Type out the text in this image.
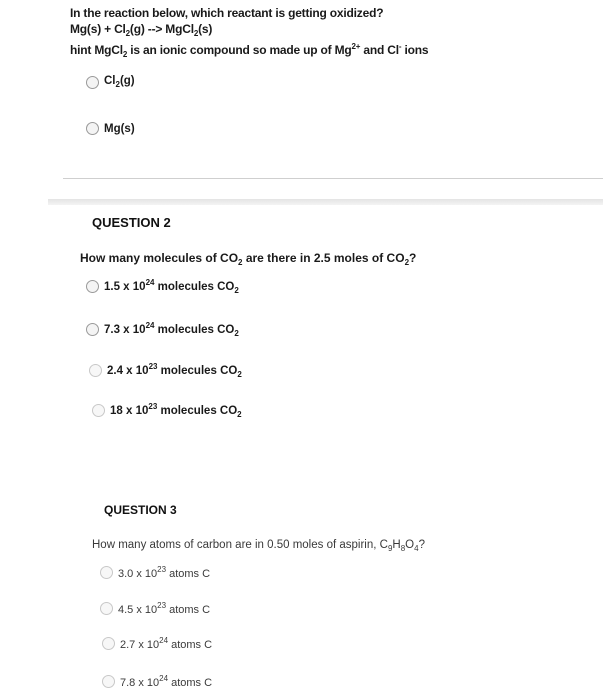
In the reaction below, which reactant is getting oxidized?
$Mg(s) + Cl_2(g)$ --> MgCl$_2$(s)
hint MgCl$_2$ is an ionic compound so made up of $Mg^{2+}$ and Cl- ions
$Cl_2(g)$
Mg(s)
QUESTION 2
How many molecules of $CO_2$ are there in 2.5 moles of $CO_2$?
1.5 x $10^{24}$ molecules $CO_2$
7.3 x $10^{24}$ molecules $CO_2$
2.4 x $10^{23}$ molecules $CO_2$
18 x $10^{23}$ molecules $CO_2$
QUESTION 3
How many atoms of carbon are in 0.50 moles of aspirin, $C_9H_8O_4$?
3.0 x $10^{23}$ atoms C
4.5 x $10^{23}$ atoms C
2.7 x $10^{24}$ atoms C
7.8 x $10^{24}$ atoms C
